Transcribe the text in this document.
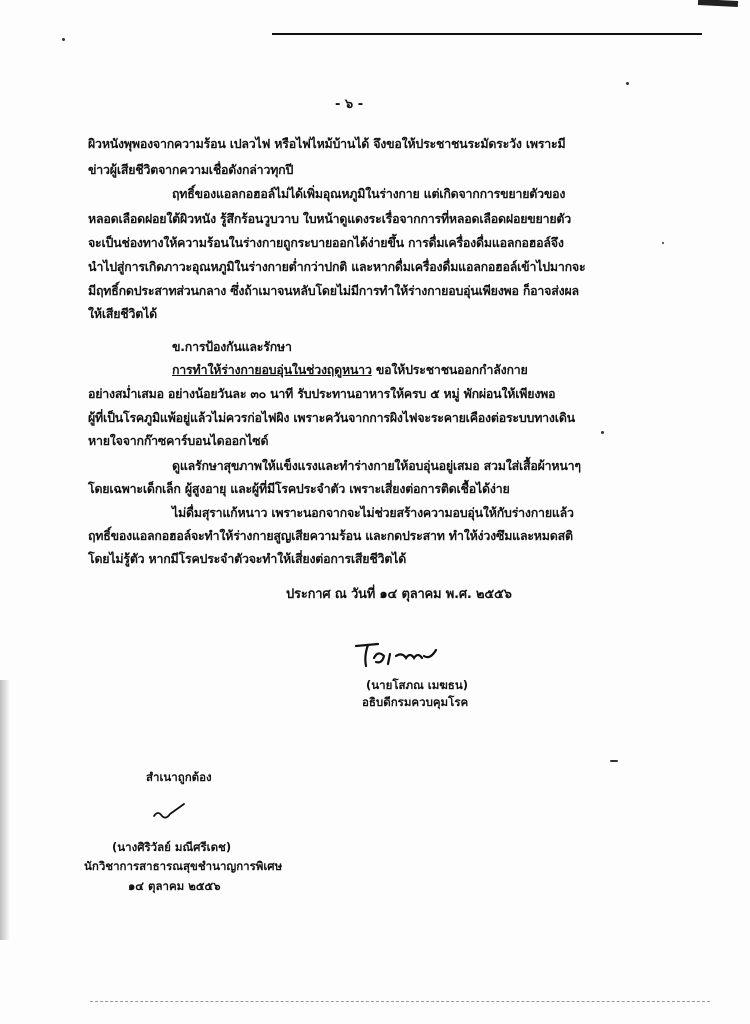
- ๖ -
ผิวหนังพุพองจากความร้อน เปลวไฟ หรือไฟไหม้บ้านได้ จึงขอให้ประชาชนระมัดระวัง เพราะมี
ข่าวผู้เสียชีวิตจากความเชื่อดังกล่าวทุกปี
ฤทธิ์ของแอลกอฮอล์ไม่ได้เพิ่มอุณหภูมิในร่างกาย แต่เกิดจากการขยายตัวของ
หลอดเลือดฝอยใต้ผิวหนัง รู้สึกร้อนวูบวาบ ใบหน้าดูแดงระเรื่อจากการที่หลอดเลือดฝอยขยายตัว
จะเป็นช่องทางให้ความร้อนในร่างกายถูกระบายออกได้ง่ายขึ้น การดื่มเครื่องดื่มแอลกอฮอล์จึง
นำไปสู่การเกิดภาวะอุณหภูมิในร่างกายต่ำกว่าปกติ และหากดื่มเครื่องดื่มแอลกอฮอล์เข้าไปมากจะ
มีฤทธิ์กดประสาทส่วนกลาง ซึ่งถ้าเมาจนหลับโดยไม่มีการทำให้ร่างกายอบอุ่นเพียงพอ ก็อาจส่งผล
ให้เสียชีวิตได้
ข.การป้องกันและรักษา
การทำให้ร่างกายอบอุ่นในช่วงฤดูหนาว ขอให้ประชาชนออกกำลังกาย
อย่างสม่ำเสมอ อย่างน้อยวันละ ๓๐ นาที รับประทานอาหารให้ครบ ๕ หมู่ พักผ่อนให้เพียงพอ
ผู้ที่เป็นโรคภูมิแพ้อยู่แล้วไม่ควรก่อไฟผิง เพราะควันจากการผิงไฟจะระคายเคืองต่อระบบทางเดิน
หายใจจากก๊าซคาร์บอนไดออกไซด์
ดูแลรักษาสุขภาพให้แข็งแรงและทำร่างกายให้อบอุ่นอยู่เสมอ สวมใส่เสื้อผ้าหนาๆ
โดยเฉพาะเด็กเล็ก ผู้สูงอายุ และผู้ที่มีโรคประจำตัว เพราะเสี่ยงต่อการติดเชื้อได้ง่าย
ไม่ดื่มสุราแก้หนาว เพราะนอกจากจะไม่ช่วยสร้างความอบอุ่นให้กับร่างกายแล้ว
ฤทธิ์ของแอลกอฮอล์จะทำให้ร่างกายสูญเสียความร้อน และกดประสาท ทำให้ง่วงซึมและหมดสติ
โดยไม่รู้ตัว หากมีโรคประจำตัวจะทำให้เสี่ยงต่อการเสียชีวิตได้
ประกาศ ณ วันที่ ๑๔ ตุลาคม พ.ศ. ๒๕๕๖
(นายโสภณ เมฆธน)
อธิบดีกรมควบคุมโรค
สำเนาถูกต้อง
(นางศิริวัลย์ มณีศรีเดช)
นักวิชาการสาธารณสุขชำนาญการพิเศษ
๑๔ ตุลาคม ๒๕๕๖
